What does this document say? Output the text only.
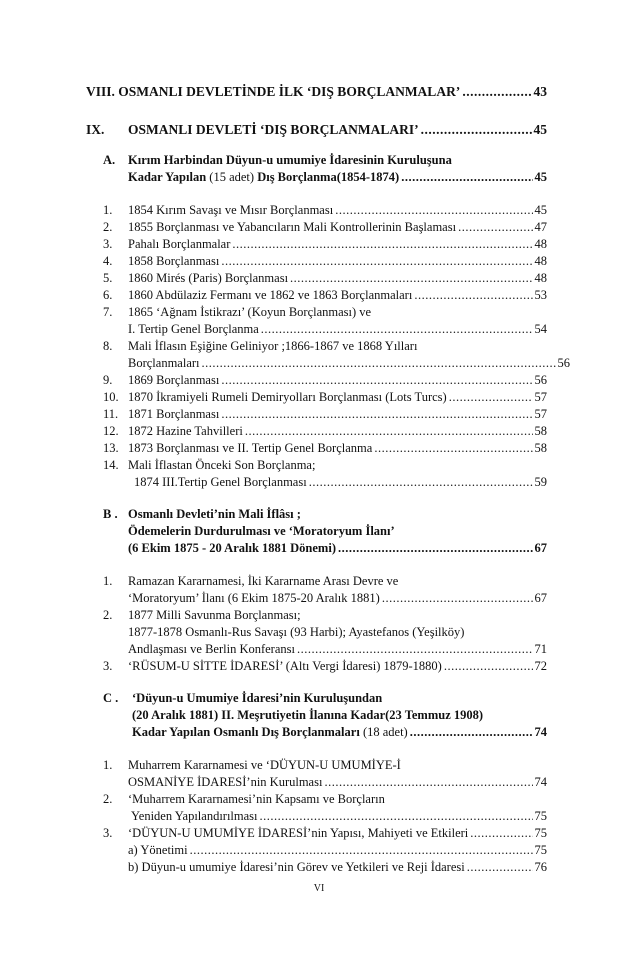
VIII. OSMANLI DEVLETİNDE İLK ‘DIŞ BORÇLANMALAR’ .....	43
IX. OSMANLI DEVLETİ ‘DIŞ BORÇLANMALARI’ .....	45
A. Kırım Harbindan Düyun-u umumiye İdaresinin Kuruluşuna
Kadar Yapılan (15 adet) Dış Borçlanma(1854-1874) .....	45
1. 1854 Kırım Savaşı ve Mısır Borçlanması .....	45
2. 1855 Borçlanması ve Yabancıların Mali Kontrollerinin Başlaması .....	47
3. Pahalı Borçlanmalar .....	48
4. 1858 Borçlanması .....	48
5. 1860 Mirés (Paris) Borçlanması .....	48
6. 1860 Abdülaziz Fermanı ve 1862 ve 1863 Borçlanmaları .....	53
7. 1865 ‘Ağnam İstikrazı’ (Koyun Borçlanması) ve
I. Tertip Genel Borçlanma .....	54
8. Mali İflasın Eşiğine Geliniyor ;1866-1867 ve 1868 Yılları
Borçlanmaları .....	56
9. 1869 Borçlanması .....	56
10. 1870 İkramiyeli Rumeli Demiryolları Borçlanması (Lots Turcs) .....	57
11. 1871 Borçlanması .....	57
12. 1872 Hazine Tahvilleri .....	58
13. 1873 Borçlanması ve II. Tertip Genel Borçlanma .....	58
14. Mali İflastan Önceki Son Borçlanma;
1874 III.Tertip Genel Borçlanması .....	59
B . Osmanlı Devleti’nin Mali İflâsı ;
Ödemelerin Durdurulması ve ‘Moratoryum İlanı’
(6 Ekim 1875 - 20 Aralık 1881 Dönemi) .....	67
1. Ramazan Kararnamesi, İki Kararname Arası Devre ve
‘Moratoryum’ İlanı (6 Ekim 1875-20 Aralık 1881) .....	67
2. 1877 Milli Savunma Borçlanması;
1877-1878 Osmanlı-Rus Savaşı (93 Harbi); Ayastefanos (Yeşilköy)
Andlaşması ve Berlin Konferansı .....	71
3. ‘RÜSUM-U SİTTE İDARESİ’ (Altı Vergi İdaresi) 1879-1880) .....	72
C . ‘Düyun-u Umumiye İdaresi’nin Kuruluşundan
(20 Aralık 1881) II. Meşrutiyetin İlanına Kadar(23 Temmuz 1908)
Kadar Yapılan Osmanlı Dış Borçlanmaları (18 adet) .....	74
1. Muharrem Kararnamesi ve ‘DÜYUN-U UMUMİYE-İ
OSMANİYE İDARESİ’nin Kurulması .....	74
2. ‘Muharrem Kararnamesi’nin Kapsamı ve Borçların
Yeniden Yapılandırılması .....	75
3. ‘DÜYUN-U UMUMİYE İDARESİ’nin Yapısı, Mahiyeti ve Etkileri .....	75
a) Yönetimi .....	75
b) Düyun-u umumiye İdaresi’nin Görev ve Yetkileri ve Reji İdaresi .....	76
VI
